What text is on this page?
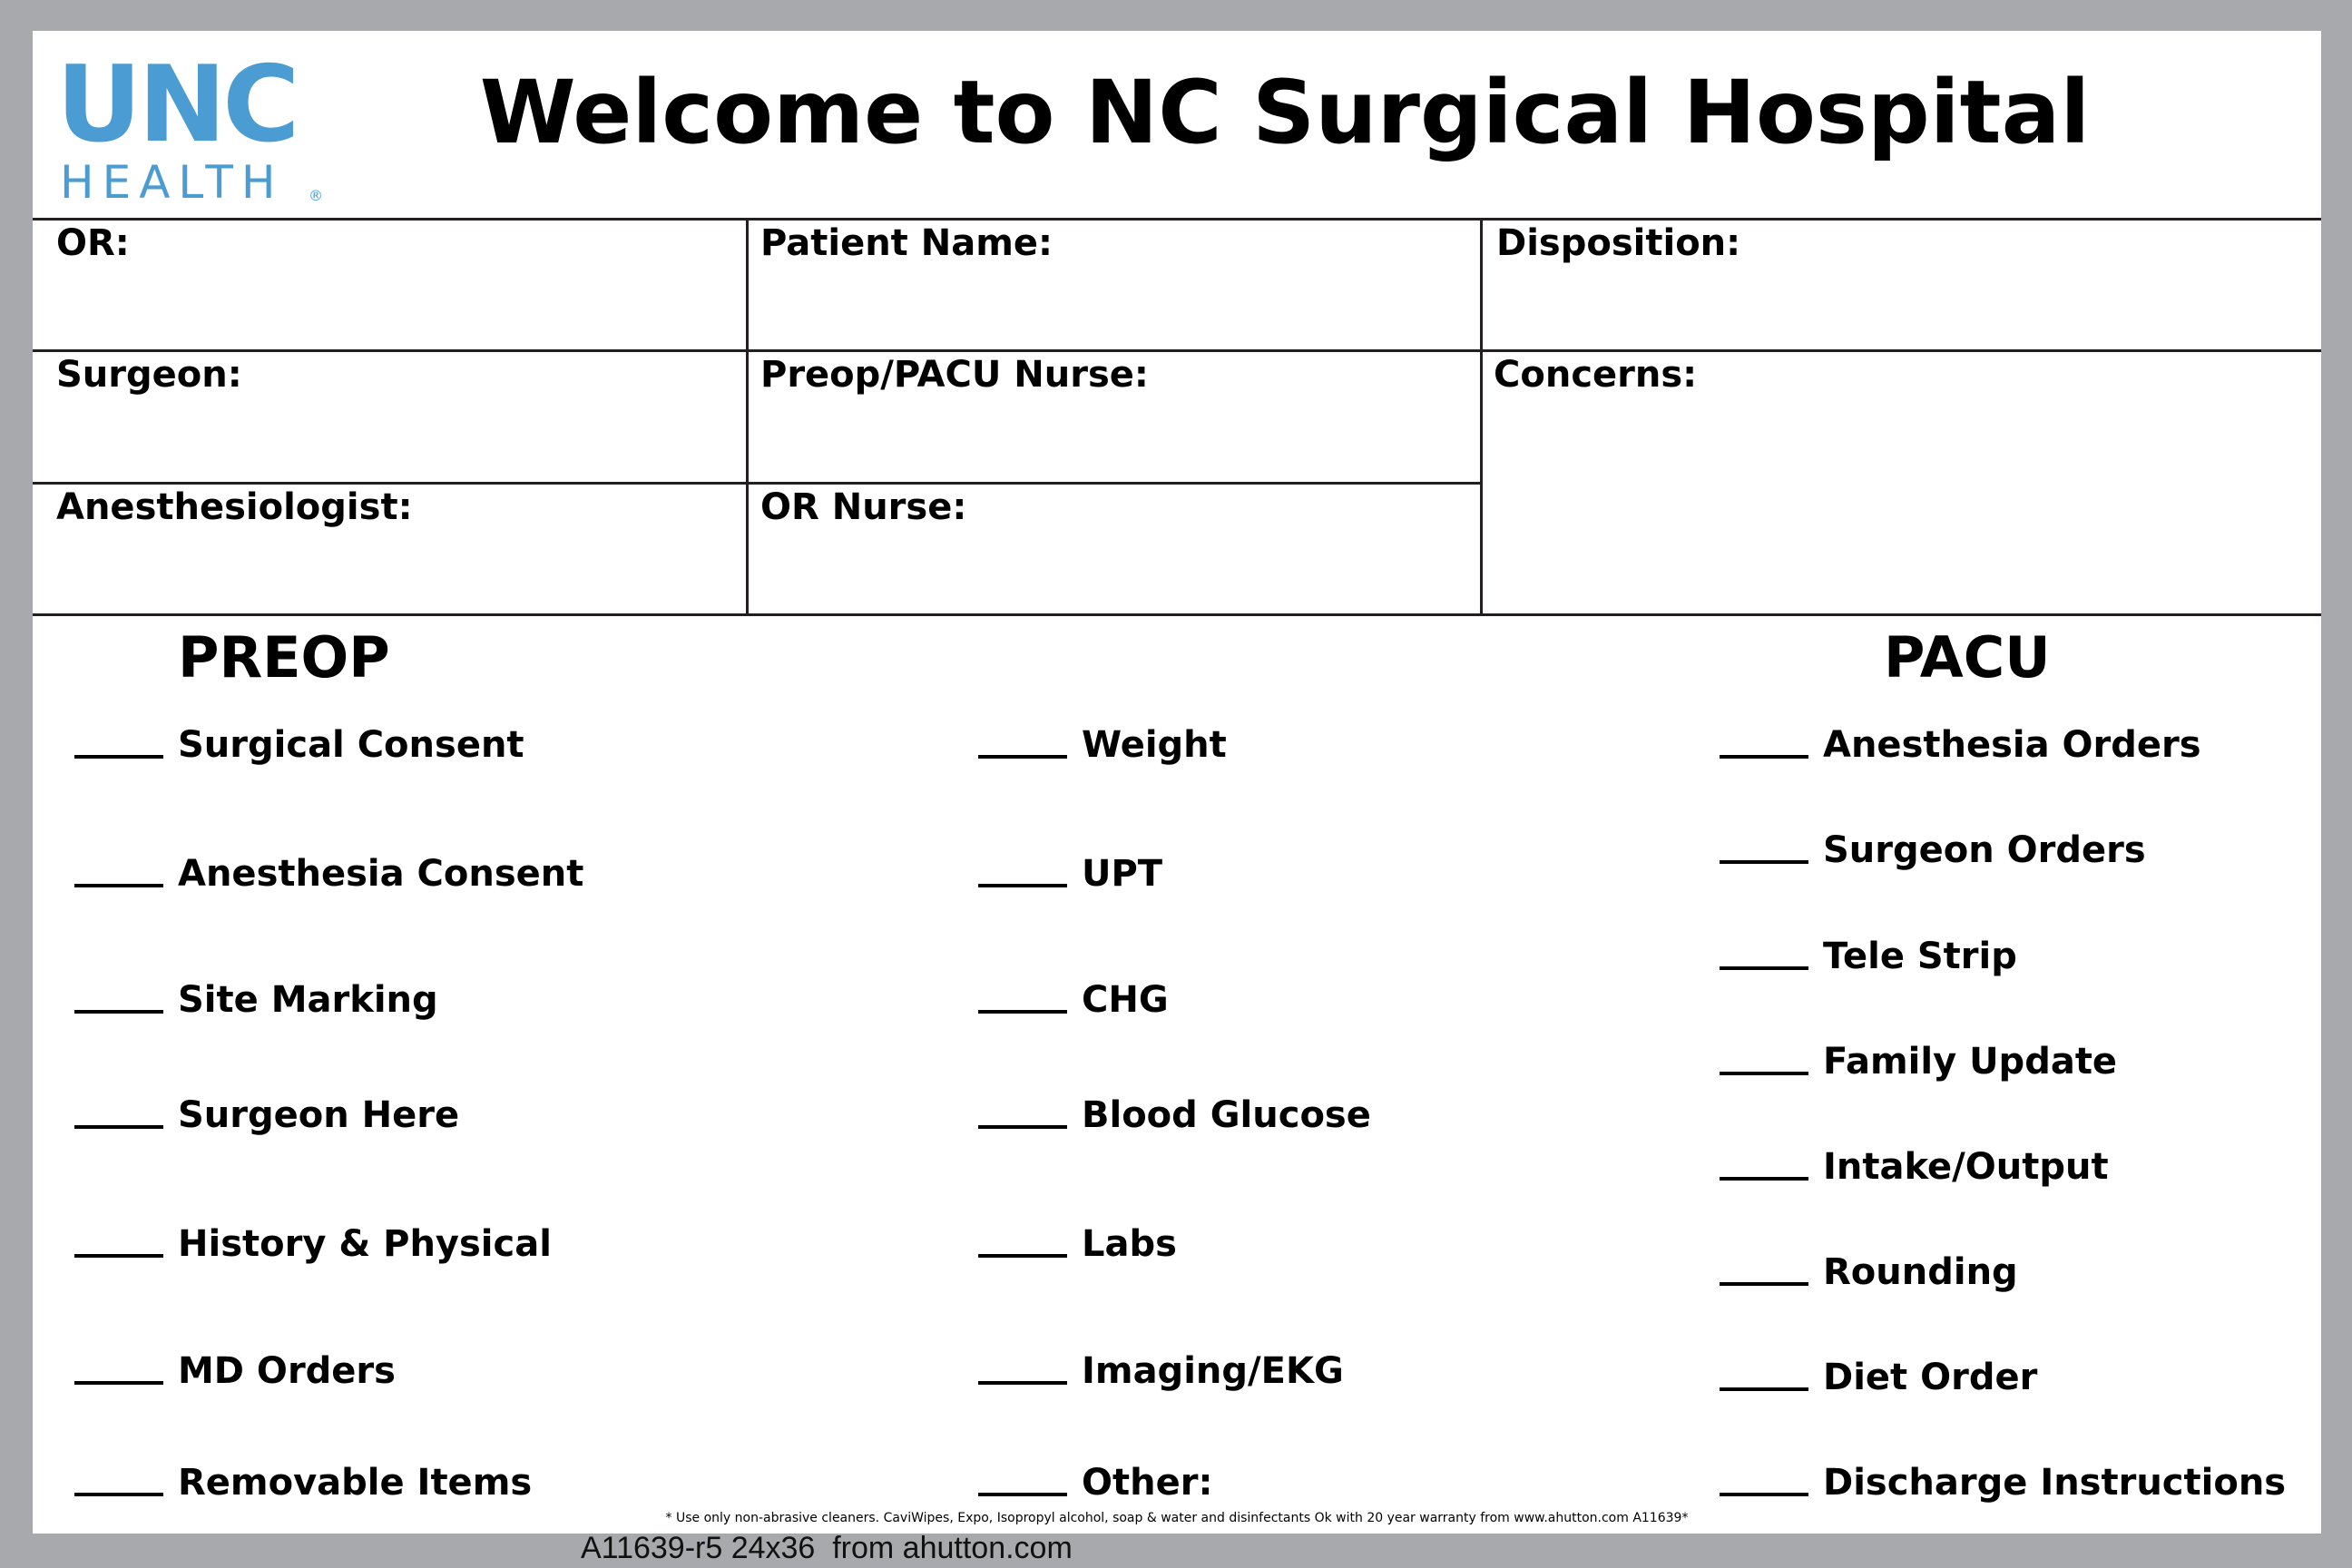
UNC
HEALTH ®
Welcome to NC Surgical Hospital
OR:	Patient Name:	Disposition:
Surgeon:	Preop/PACU Nurse:	Concerns:
Anesthesiologist:	OR Nurse:
PREOP	PACU
Surgical Consent
Anesthesia Consent
Site Marking
Surgeon Here
History & Physical
MD Orders
Removable Items
Weight
UPT
CHG
Blood Glucose
Labs
Imaging/EKG
Other:
Anesthesia Orders
Surgeon Orders
Tele Strip
Family Update
Intake/Output
Rounding
Diet Order
Discharge Instructions
* Use only non-abrasive cleaners. CaviWipes, Expo, Isopropyl alcohol, soap & water and disinfectants Ok with 20 year warranty from www.ahutton.com A11639*
A11639-r5 24x36  from ahutton.com
